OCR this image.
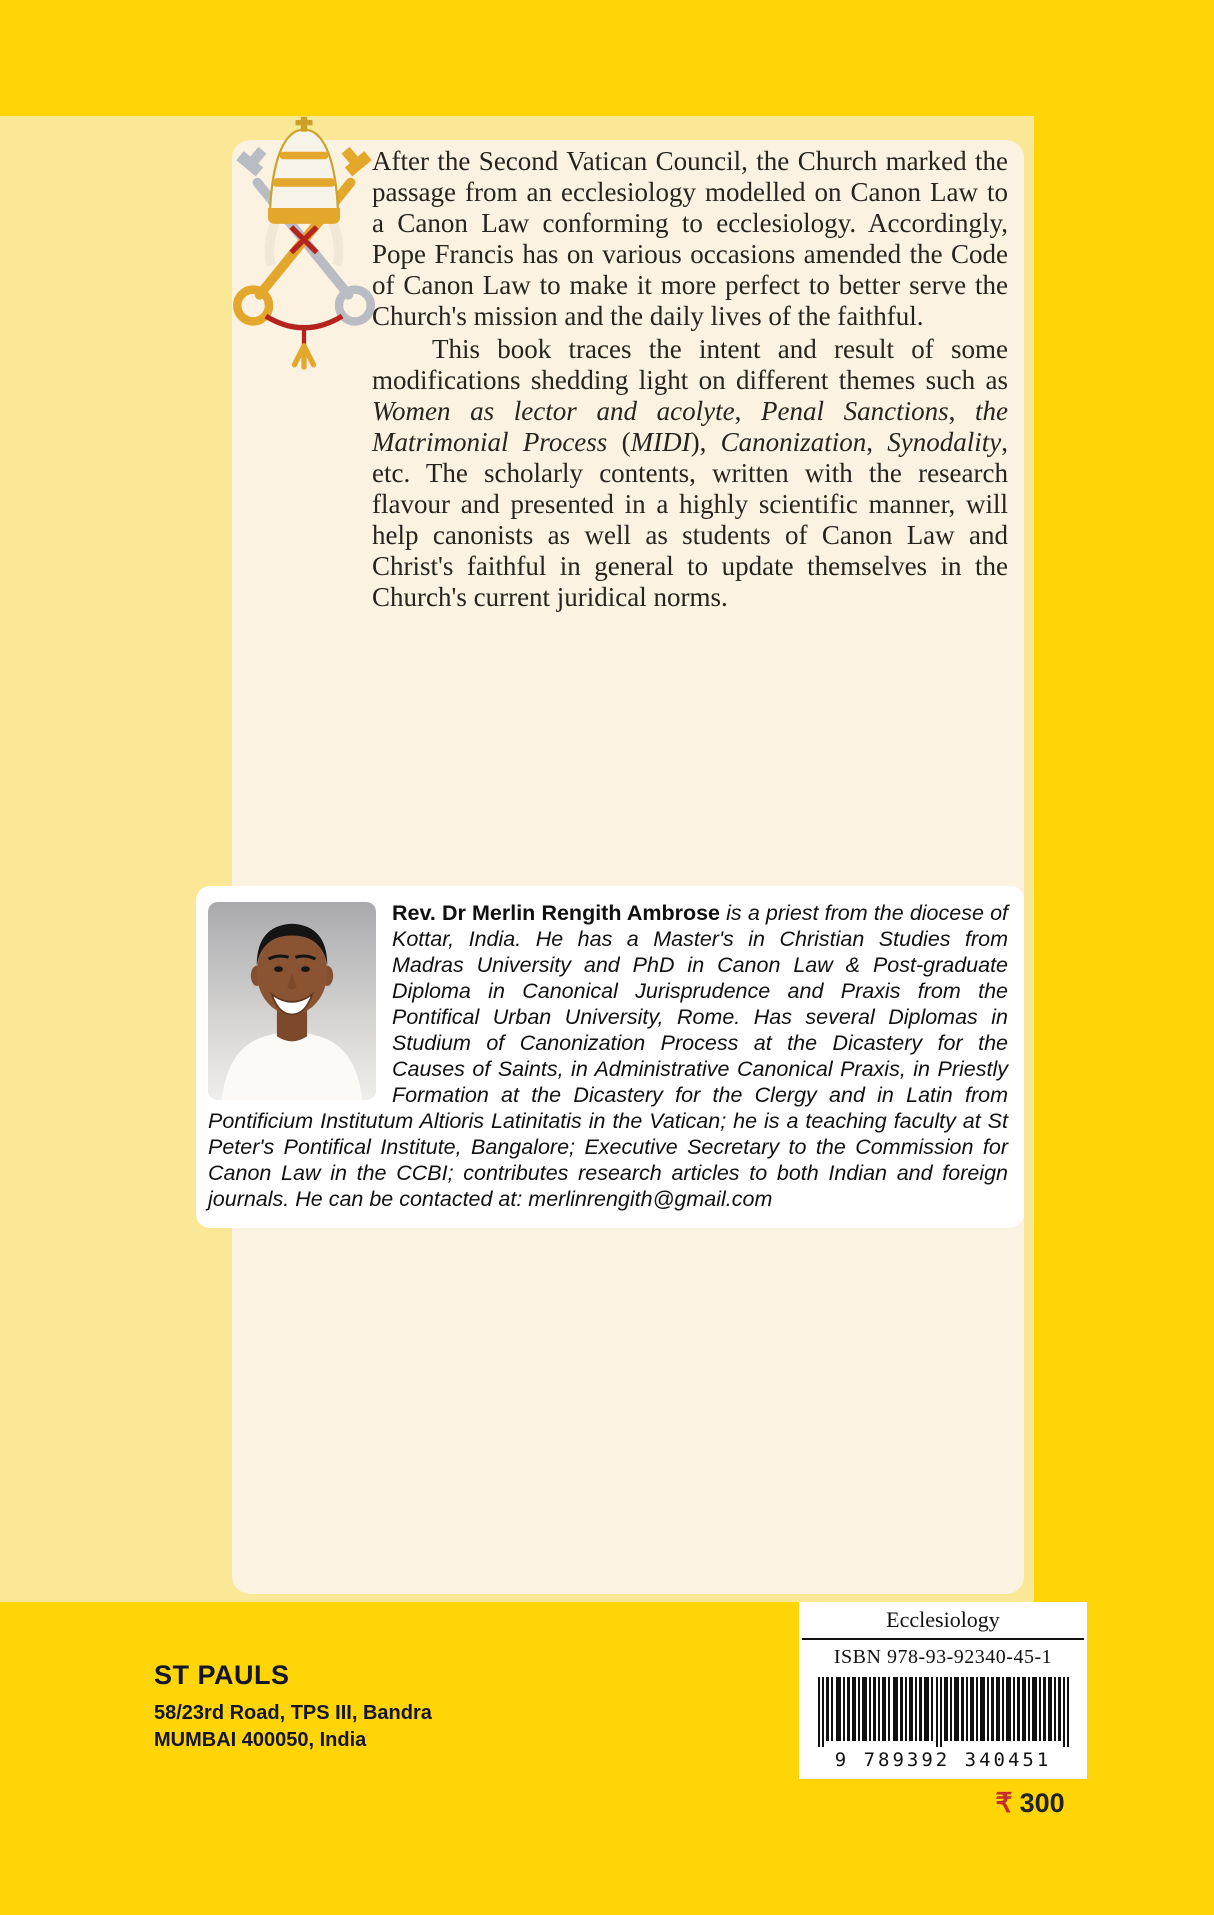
After the Second Vatican Council, the Church marked the passage from an ecclesiology modelled on Canon Law to a Canon Law conforming to ecclesiology. Accordingly, Pope Francis has on various occasions amended the Code of Canon Law to make it more perfect to better serve the Church's mission and the daily lives of the faithful.

This book traces the intent and result of some modifications shedding light on different themes such as Women as lector and acolyte, Penal Sanctions, the Matrimonial Process (MIDI), Canonization, Synodality, etc. The scholarly contents, written with the research flavour and presented in a highly scientific manner, will help canonists as well as students of Canon Law and Christ's faithful in general to update themselves in the Church's current juridical norms.

Rev. Dr Merlin Rengith Ambrose is a priest from the diocese of Kottar, India. He has a Master's in Christian Studies from Madras University and PhD in Canon Law & Post-graduate Diploma in Canonical Jurisprudence and Praxis from the Pontifical Urban University, Rome. Has several Diplomas in Studium of Canonization Process at the Dicastery for the Causes of Saints, in Administrative Canonical Praxis, in Priestly Formation at the Dicastery for the Clergy and in Latin from Pontificium Institutum Altioris Latinitatis in the Vatican; he is a teaching faculty at St Peter's Pontifical Institute, Bangalore; Executive Secretary to the Commission for Canon Law in the CCBI; contributes research articles to both Indian and foreign journals. He can be contacted at: merlinrengith@gmail.com

ST PAULS
58/23rd Road, TPS III, Bandra
MUMBAI 400050, India
Ecclesiology
ISBN 978-93-92340-45-1
9 789392 340451
₹ 300
